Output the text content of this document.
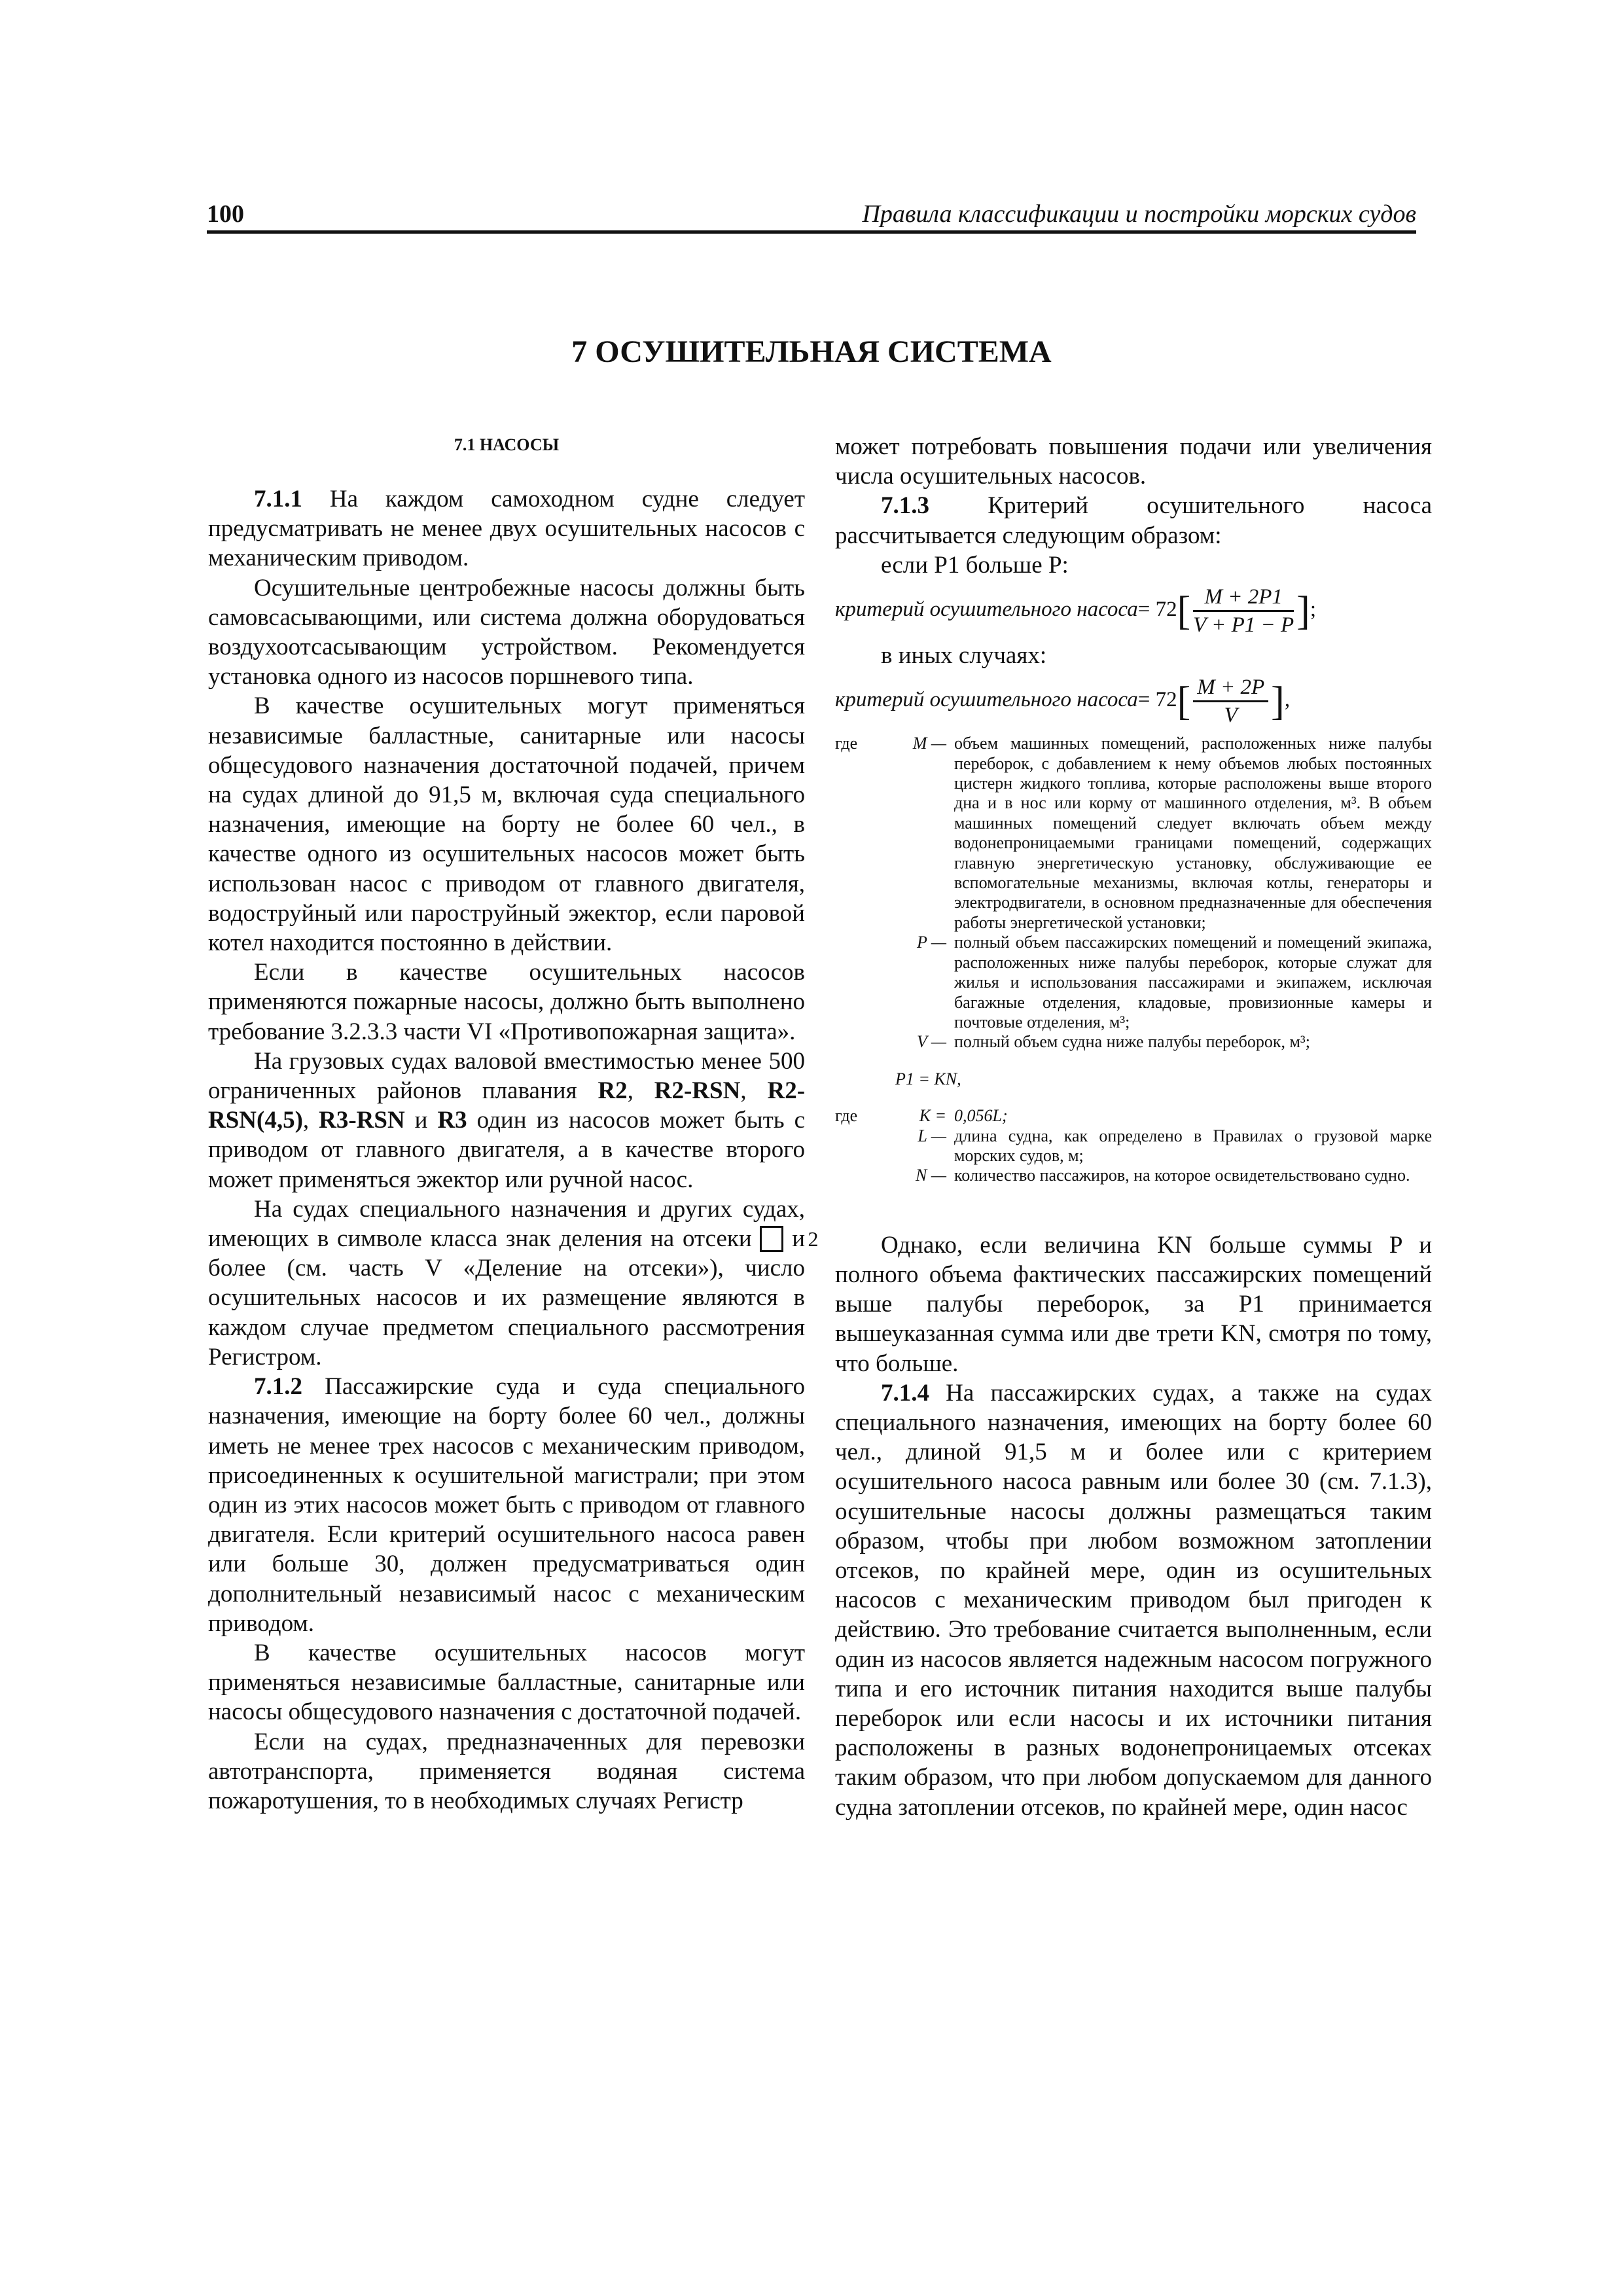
100	Правила классификации и постройки морских судов
7 ОСУШИТЕЛЬНАЯ СИСТЕМА

7.1 НАСОСЫ

7.1.1 На каждом самоходном судне следует предусматривать не менее двух осушительных насосов с механическим приводом.

Осушительные центробежные насосы должны быть самовсасывающими, или система должна оборудоваться воздухоотсасывающим устройством. Рекомендуется установка одного из насосов поршневого типа.

В качестве осушительных могут применяться независимые балластные, санитарные или насосы общесудового назначения достаточной подачей, причем на судах длиной до 91,5 м, включая суда специального назначения, имеющие на борту не более 60 чел., в качестве одного из осушительных насосов может быть использован насос с приводом от главного двигателя, водоструйный или пароструйный эжектор, если паровой котел находится постоянно в действии.

Если в качестве осушительных насосов применяются пожарные насосы, должно быть выполнено требование 3.2.3.3 части VI «Противопожарная защита».

На грузовых судах валовой вместимостью менее 500 ограниченных районов плавания R2, R2-RSN, R2-RSN(4,5), R3-RSN и R3 один из насосов может быть с приводом от главного двигателя, а в качестве второго может применяться эжектор или ручной насос.

На судах специального назначения и других судах, имеющих в символе класса знак деления на отсеки 2 и более (см. часть V «Деление на отсеки»), число осушительных насосов и их размещение являются в каждом случае предметом специального рассмотрения Регистром.

7.1.2 Пассажирские суда и суда специального назначения, имеющие на борту более 60 чел., должны иметь не менее трех насосов с механическим приводом, присоединенных к осушительной магистрали; при этом один из этих насосов может быть с приводом от главного двигателя. Если критерий осушительного насоса равен или больше 30, должен предусматриваться один дополнительный независимый насос с механическим приводом.

В качестве осушительных насосов могут применяться независимые балластные, санитарные или насосы общесудового назначения с достаточной подачей.

Если на судах, предназначенных для перевозки автотранспорта, применяется водяная система пожаротушения, то в необходимых случаях Регистр

может потребовать повышения подачи или увеличения числа осушительных насосов.

7.1.3 Критерий осушительного насоса рассчитывается следующим образом:

если P1 больше P:

критерий осушительного насоса= $72[ \frac{M + 2P1}{V + P1 - P}$ ];

в иных случаях:

критерий осушительного насоса= $72[ \frac{M + 2P}{V}$ ],
где	M — объем машинных помещений, расположенных ниже палубы переборок, с добавлением к нему объемов любых постоянных цистерн жидкого топлива, которые расположены выше второго дна и в нос или корму от машинного отделения, м³. В объем машинных помещений следует включать объем между водонепроницаемыми границами помещений, содержащих главную энергетическую установку, обслуживающие ее вспомогательные механизмы, включая котлы, генераторы и электродвигатели, в основном предназначенные для обеспечения работы энергетической установки;
P — полный объем пассажирских помещений и помещений экипажа, расположенных ниже палубы переборок, которые служат для жилья и использования пассажирами и экипажем, исключая багажные отделения, кладовые, провизионные камеры и почтовые отделения, м³;
V — полный объем судна ниже палубы переборок, м³;
P1 = KN,
где	K = 0,056L;
L — длина судна, как определено в Правилах о грузовой марке морских судов, м;
N — количество пассажиров, на которое освидетельствовано судно.

Однако, если величина KN больше суммы P и полного объема фактических пассажирских помещений выше палубы переборок, за P1 принимается вышеуказанная сумма или две трети KN, смотря по тому, что больше.

7.1.4 На пассажирских судах, а также на судах специального назначения, имеющих на борту более 60 чел., длиной 91,5 м и более или с критерием осушительного насоса равным или более 30 (см. 7.1.3), осушительные насосы должны размещаться таким образом, чтобы при любом возможном затоплении отсеков, по крайней мере, один из осушительных насосов с механическим приводом был пригоден к действию. Это требование считается выполненным, если один из насосов является надежным насосом погружного типа и его источник питания находится выше палубы переборок или если насосы и их источники питания расположены в разных водонепроницаемых отсеках таким образом, что при любом допускаемом для данного судна затоплении отсеков, по крайней мере, один насос
